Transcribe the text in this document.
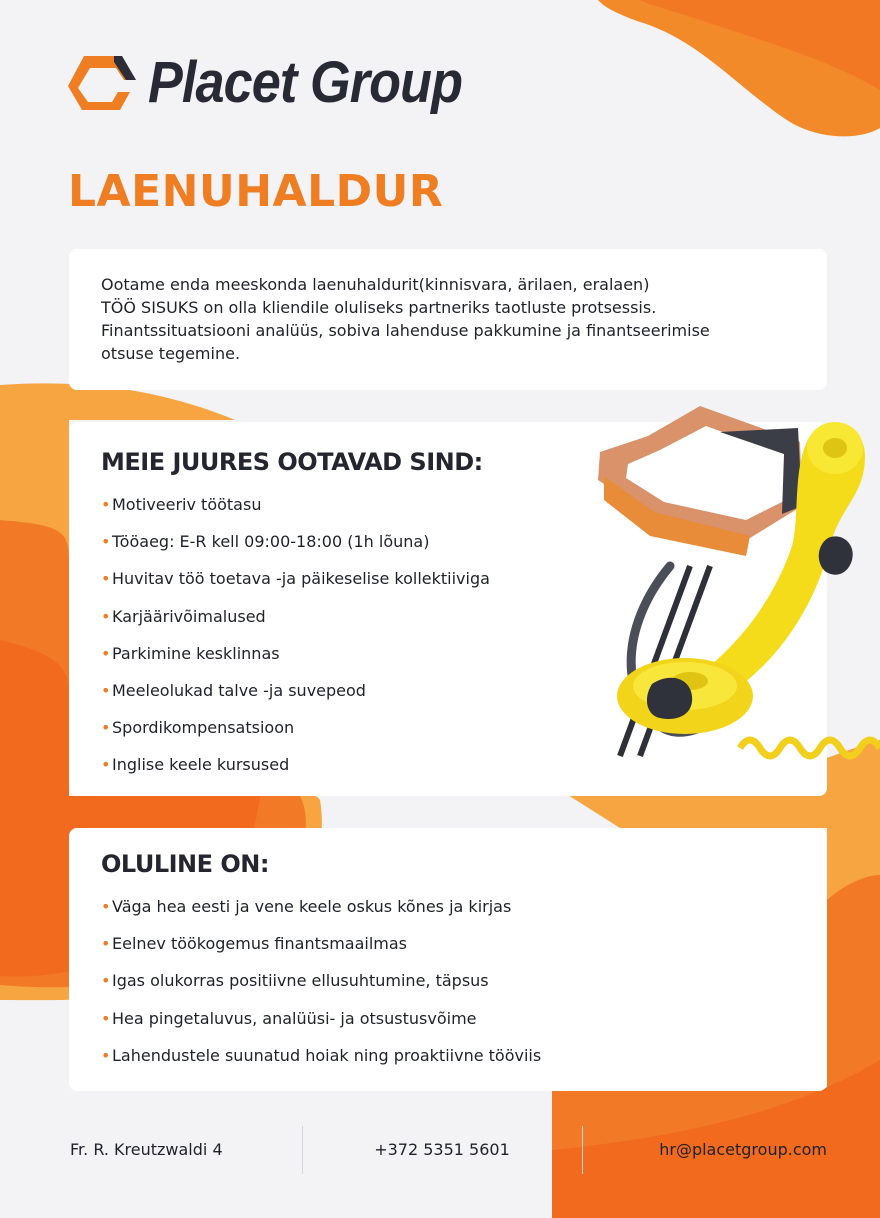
Placet Group
LAENUHALDUR
Ootame enda meeskonda laenuhaldurit(kinnisvara, ärilaen, eralaen)
TÖÖ SISUKS on olla kliendile oluliseks partneriks taotluste protsessis.
Finantssituatsiooni analüüs, sobiva lahenduse pakkumine ja finantseerimise
otsuse tegemine.
MEIE JUURES OOTAVAD SIND:
• Motiveeriv töötasu
• Tööaeg: E-R kell 09:00-18:00 (1h lõuna)
• Huvitav töö toetava -ja päikeselise kollektiiviga
• Karjäärivõimalused
• Parkimine kesklinnas
• Meeleolukad talve -ja suvepeod
• Spordikompensatsioon
• Inglise keele kursused
OLULINE ON:
• Väga hea eesti ja vene keele oskus kõnes ja kirjas
• Eelnev töökogemus finantsmaailmas
• Igas olukorras positiivne ellusuhtumine, täpsus
• Hea pingetaluvus, analüüsi- ja otsustusvõime
• Lahendustele suunatud hoiak ning proaktiivne tööviis
Fr. R. Kreutzwaldi 4	+372 5351 5601	hr@placetgroup.com
